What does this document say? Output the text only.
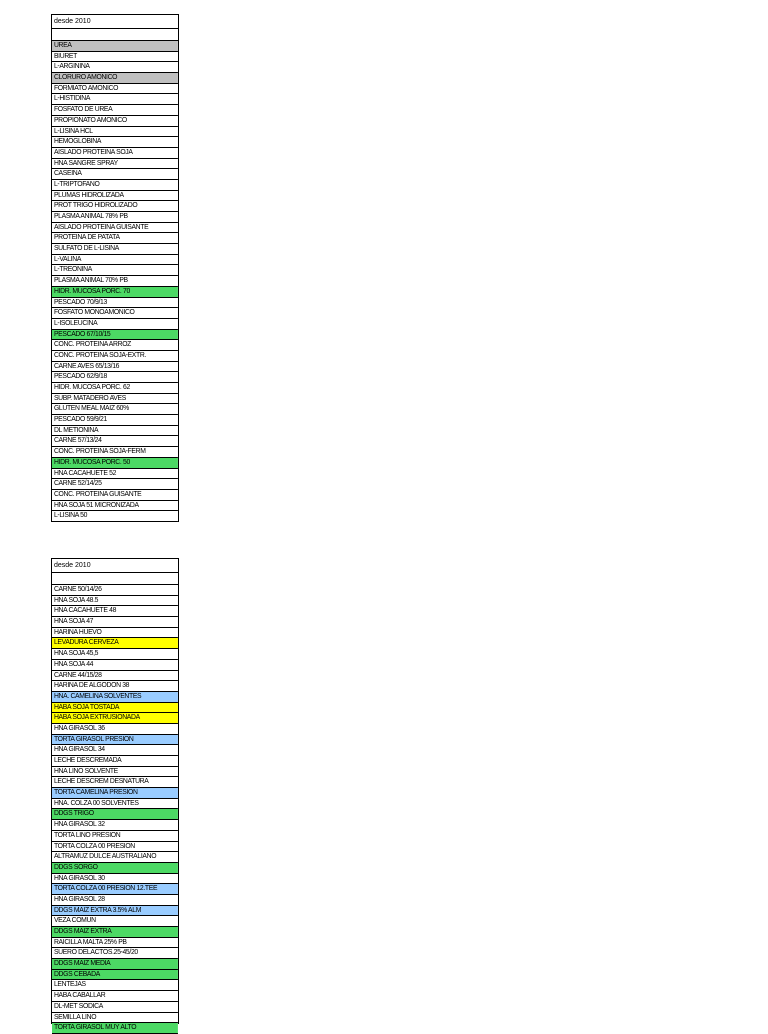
desde 2010
UREA
BIURET
L-ARGININA
CLORURO AMONICO
FORMIATO AMONICO
L-HISTIDINA
FOSFATO DE UREA
PROPIONATO AMONICO
L-LISINA HCL
HEMOGLOBINA
AISLADO PROTEINA SOJA
HNA SANGRE SPRAY
CASEINA
L-TRIPTOFANO
PLUMAS HIDROLIZADA
PROT TRIGO HIDROLIZADO
PLASMA ANIMAL 78% PB
AISLADO PROTEINA GUISANTE
PROTEINA DE PATATA
SULFATO DE L-LISINA
L-VALINA
L-TREONINA
PLASMA ANIMAL 70% PB
HIDR. MUCOSA PORC. 70
PESCADO 70/9/13
FOSFATO MONOAMONICO
L-ISOLEUCINA
PESCADO 67/10/15
CONC. PROTEINA ARROZ
CONC. PROTEINA SOJA-EXTR.
CARNE AVES 65/13/16
PESCADO 62/9/18
HIDR. MUCOSA PORC. 62
SUBP. MATADERO AVES
GLUTEN MEAL MAIZ 60%
PESCADO 59/9/21
DL METIONINA
CARNE 57/13/24
CONC. PROTEINA SOJA-FERM
HIDR. MUCOSA PORC. 50
HNA CACAHUETE 52
CARNE 52/14/25
CONC. PROTEINA GUISANTE
HNA SOJA 51 MICRONIZADA
L-LISINA 50
desde 2010
CARNE 50/14/26
HNA SOJA 48.5
HNA CACAHUETE 48
HNA SOJA 47
HARINA HUEVO
LEVADURA CERVEZA
HNA SOJA 45,5
HNA SOJA 44
CARNE 44/15/28
HARINA DE ALGODON 38
HNA. CAMELINA SOLVENTES
HABA SOJA TOSTADA
HABA SOJA EXTRUSIONADA
HNA GIRASOL 36
TORTA GIRASOL PRESION
HNA GIRASOL 34
LECHE DESCREMADA
HNA LINO SOLVENTE
LECHE DESCREM DESNATURA
TORTA CAMELINA PRESION
HNA. COLZA 00 SOLVENTES
DDGS TRIGO
HNA GIRASOL 32
TORTA LINO PRESION
TORTA COLZA 00 PRESION
ALTRAMUZ DULCE AUSTRALIANO
DDGS SORGO
HNA GIRASOL 30
TORTA COLZA 00 PRESION 12.TEE
HNA GIRASOL 28
DDGS MAIZ EXTRA 3.5% ALM
VEZA COMUN
DDGS MAIZ EXTRA
RAICILLA MALTA 25% PB
SUERO DELACTOS.25-45/20
DDGS MAIZ MEDIA
DDGS CEBADA
LENTEJAS
HABA CABALLAR
DL-MET SODICA
SEMILLA LINO
TORTA GIRASOL MUY ALTO
